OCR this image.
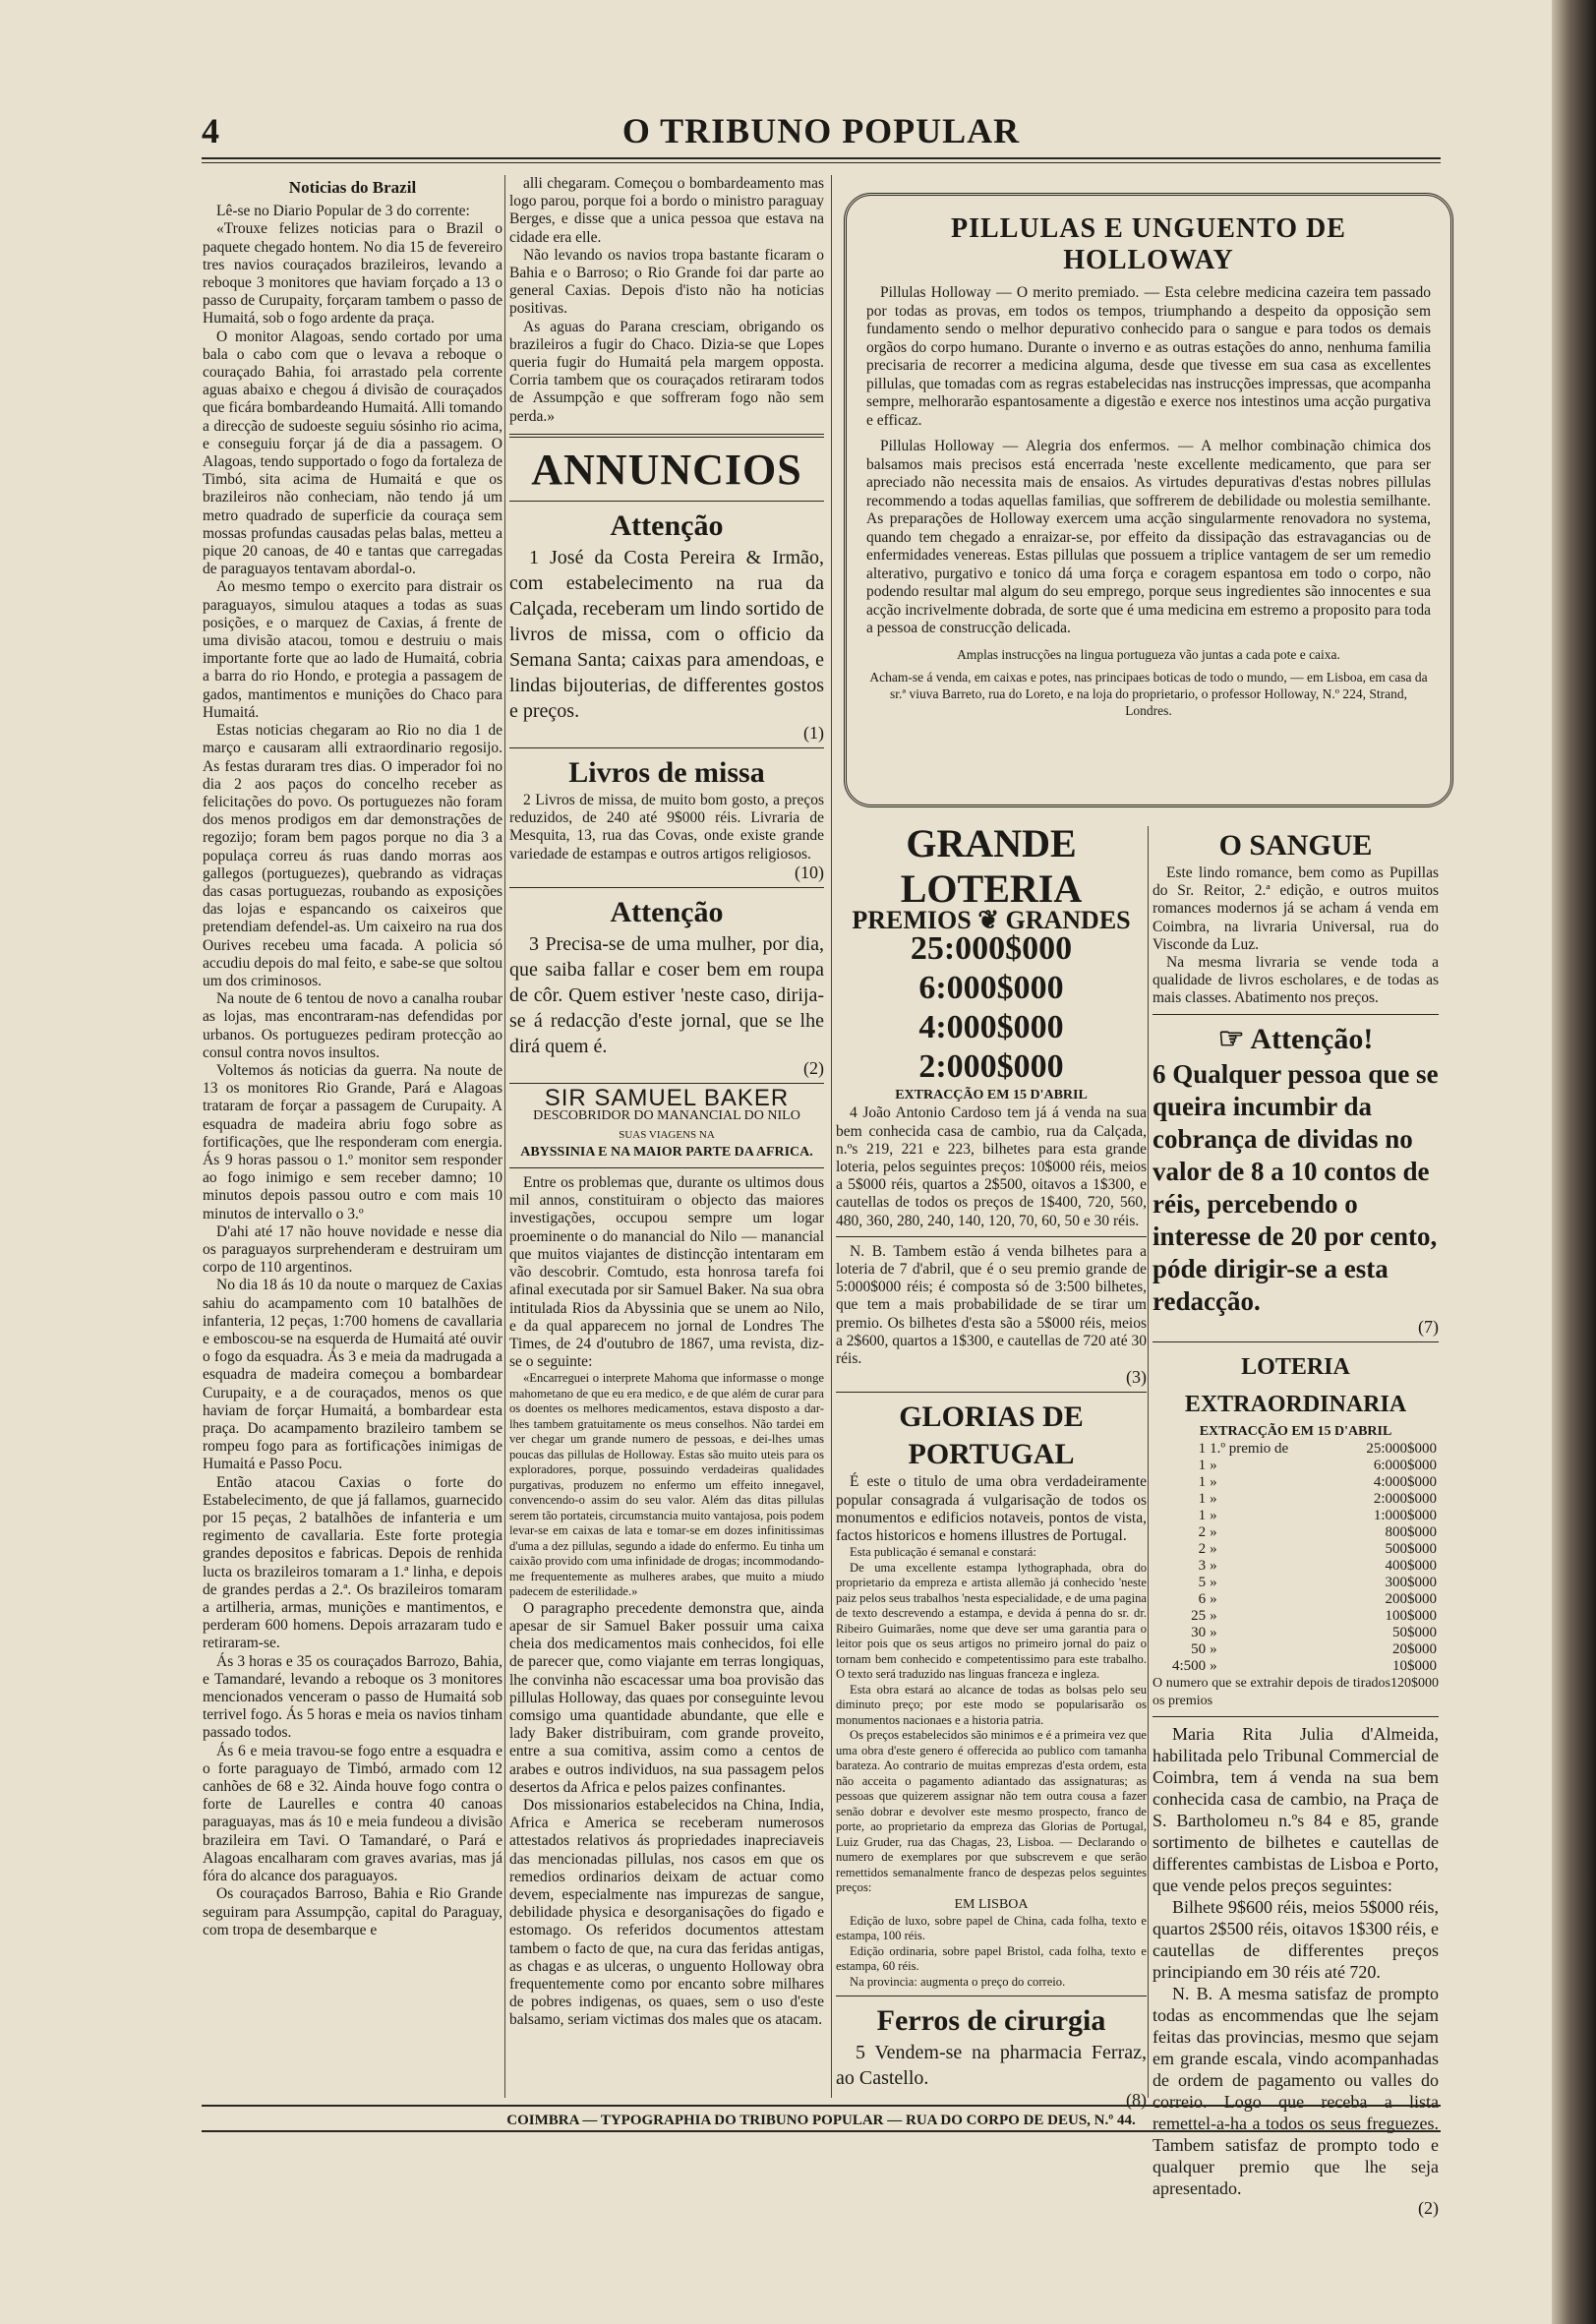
4	O TRIBUNO POPULAR
Noticias do Brazil

Lê-se no Diario Popular de 3 do corrente:

«Trouxe felizes noticias para o Brazil o paquete chegado hontem. No dia 15 de fevereiro tres navios couraçados brazileiros, levando a reboque 3 monitores que haviam forçado a 13 o passo de Curupaity, forçaram tambem o passo de Humaitá, sob o fogo ardente da praça.

O monitor Alagoas, sendo cortado por uma bala o cabo com que o levava a reboque o couraçado Bahia, foi arrastado pela corrente aguas abaixo e chegou á divisão de couraçados que ficára bombardeando Humaitá. Alli tomando a direcção de sudoeste seguiu sósinho rio acima, e conseguiu forçar já de dia a passagem. O Alagoas, tendo supportado o fogo da fortaleza de Timbó, sita acima de Humaitá e que os brazileiros não conheciam, não tendo já um metro quadrado de superficie da couraça sem mossas profundas causadas pelas balas, metteu a pique 20 canoas, de 40 e tantas que carregadas de paraguayos tentavam abordal-o.

Ao mesmo tempo o exercito para distrair os paraguayos, simulou ataques a todas as suas posições, e o marquez de Caxias, á frente de uma divisão atacou, tomou e destruiu o mais importante forte que ao lado de Humaitá, cobria a barra do rio Hondo, e protegia a passagem de gados, mantimentos e munições do Chaco para Humaitá.

Estas noticias chegaram ao Rio no dia 1 de março e causaram alli extraordinario regosijo. As festas duraram tres dias. O imperador foi no dia 2 aos paços do concelho receber as felicitações do povo. Os portuguezes não foram dos menos prodigos em dar demonstrações de regozijo; foram bem pagos porque no dia 3 a populaça correu ás ruas dando morras aos gallegos (portuguezes), quebrando as vidraças das casas portuguezas, roubando as exposições das lojas e espancando os caixeiros que pretendiam defendel-as. Um caixeiro na rua dos Ourives recebeu uma facada. A policia só accudiu depois do mal feito, e sabe-se que soltou um dos criminosos.

Na noute de 6 tentou de novo a canalha roubar as lojas, mas encontraram-nas defendidas por urbanos. Os portuguezes pediram protecção ao consul contra novos insultos.

Voltemos ás noticias da guerra. Na noute de 13 os monitores Rio Grande, Pará e Alagoas trataram de forçar a passagem de Curupaity. A esquadra de madeira abriu fogo sobre as fortificações, que lhe responderam com energia. Ás 9 horas passou o 1.º monitor sem responder ao fogo inimigo e sem receber damno; 10 minutos depois passou outro e com mais 10 minutos de intervallo o 3.º

D'ahi até 17 não houve novidade e nesse dia os paraguayos surprehenderam e destruiram um corpo de 110 argentinos.

No dia 18 ás 10 da noute o marquez de Caxias sahiu do acampamento com 10 batalhões de infanteria, 12 peças, 1:700 homens de cavallaria e emboscou-se na esquerda de Humaitá até ouvir o fogo da esquadra. Ás 3 e meia da madrugada a esquadra de madeira começou a bombardear Curupaity, e a de couraçados, menos os que haviam de forçar Humaitá, a bombardear esta praça. Do acampamento brazileiro tambem se rompeu fogo para as fortificações inimigas de Humaitá e Passo Pocu.

Então atacou Caxias o forte do Estabelecimento, de que já fallamos, guarnecido por 15 peças, 2 batalhões de infanteria e um regimento de cavallaria. Este forte protegia grandes depositos e fabricas. Depois de renhida lucta os brazileiros tomaram a 1.ª linha, e depois de grandes perdas a 2.ª. Os brazileiros tomaram a artilheria, armas, munições e mantimentos, e perderam 600 homens. Depois arrazaram tudo e retiraram-se.

Ás 3 horas e 35 os couraçados Barrozo, Bahia, e Tamandaré, levando a reboque os 3 monitores mencionados venceram o passo de Humaitá sob terrivel fogo. Ás 5 horas e meia os navios tinham passado todos.

Ás 6 e meia travou-se fogo entre a esquadra e o forte paraguayo de Timbó, armado com 12 canhões de 68 e 32. Ainda houve fogo contra o forte de Laurelles e contra 40 canoas paraguayas, mas ás 10 e meia fundeou a divisão brazileira em Tavi. O Tamandaré, o Pará e Alagoas encalharam com graves avarias, mas já fóra do alcance dos paraguayos.

Os couraçados Barroso, Bahia e Rio Grande seguiram para Assumpção, capital do Paraguay, com tropa de desembarque e

alli chegaram. Começou o bombardeamento mas logo parou, porque foi a bordo o ministro paraguay Berges, e disse que a unica pessoa que estava na cidade era elle.

Não levando os navios tropa bastante ficaram o Bahia e o Barroso; o Rio Grande foi dar parte ao general Caxias. Depois d'isto não ha noticias positivas.

As aguas do Parana cresciam, obrigando os brazileiros a fugir do Chaco. Dizia-se que Lopes queria fugir do Humaitá pela margem opposta. Corria tambem que os couraçados retiraram todos de Assumpção e que soffreram fogo não sem perda.»

ANNUNCIOS
Attenção

1 José da Costa Pereira & Irmão, com estabelecimento na rua da Calçada, receberam um lindo sortido de livros de missa, com o officio da Semana Santa; caixas para amendoas, e lindas bijouterias, de differentes gostos e preços.

(1)
Livros de missa

2 Livros de missa, de muito bom gosto, a preços reduzidos, de 240 até 9$000 réis. Livraria de Mesquita, 13, rua das Covas, onde existe grande variedade de estampas e outros artigos religiosos.

(10)
Attenção

3 Precisa-se de uma mulher, por dia, que saiba fallar e coser bem em roupa de côr. Quem estiver 'neste caso, dirija-se á redacção d'este jornal, que se lhe dirá quem é.

(2)
SIR SAMUEL BAKER
DESCOBRIDOR DO MANANCIAL DO NILO
SUAS VIAGENS NA
ABYSSINIA E NA MAIOR PARTE DA AFRICA.

Entre os problemas que, durante os ultimos dous mil annos, constituiram o objecto das maiores investigações, occupou sempre um logar proeminente o do manancial do Nilo — manancial que muitos viajantes de distincção intentaram em vão descobrir. Comtudo, esta honrosa tarefa foi afinal executada por sir Samuel Baker. Na sua obra intitulada Rios da Abyssinia que se unem ao Nilo, e da qual apparecem no jornal de Londres The Times, de 24 d'outubro de 1867, uma revista, diz-se o seguinte:

«Encarreguei o interprete Mahoma que informasse o monge mahometano de que eu era medico, e de que além de curar para os doentes os melhores medicamentos, estava disposto a dar-lhes tambem gratuitamente os meus conselhos. Não tardei em ver chegar um grande numero de pessoas, e dei-lhes umas poucas das pillulas de Holloway. Estas são muito uteis para os exploradores, porque, possuindo verdadeiras qualidades purgativas, produzem no enfermo um effeito innegavel, convencendo-o assim do seu valor. Além das ditas pillulas serem tão portateis, circumstancia muito vantajosa, pois podem levar-se em caixas de lata e tomar-se em dozes infinitissimas d'uma a dez pillulas, segundo a idade do enfermo. Eu tinha um caixão provido com uma infinidade de drogas; incommodando-me frequentemente as mulheres arabes, que muito a miudo padecem de esterilidade.»

O paragrapho precedente demonstra que, ainda apesar de sir Samuel Baker possuir uma caixa cheia dos medicamentos mais conhecidos, foi elle de parecer que, como viajante em terras longiquas, lhe convinha não escacessar uma boa provisão das pillulas Holloway, das quaes por conseguinte levou comsigo uma quantidade abundante, que elle e lady Baker distribuiram, com grande proveito, entre a sua comitiva, assim como a centos de arabes e outros individuos, na sua passagem pelos desertos da Africa e pelos paizes confinantes.

Dos missionarios estabelecidos na China, India, Africa e America se receberam numerosos attestados relativos ás propriedades inapreciaveis das mencionadas pillulas, nos casos em que os remedios ordinarios deixam de actuar como devem, especialmente nas impurezas de sangue, debilidade physica e desorganisações do figado e estomago. Os referidos documentos attestam tambem o facto de que, na cura das feridas antigas, as chagas e as ulceras, o unguento Holloway obra frequentemente como por encanto sobre milhares de pobres indigenas, os quaes, sem o uso d'este balsamo, seriam victimas dos males que os atacam.

PILLULAS E UNGUENTO DE HOLLOWAY

Pillulas Holloway — O merito premiado. — Esta celebre medicina cazeira tem passado por todas as provas, em todos os tempos, triumphando a despeito da opposição sem fundamento sendo o melhor depurativo conhecido para o sangue e para todos os demais orgãos do corpo humano. Durante o inverno e as outras estações do anno, nenhuma familia precisaria de recorrer a medicina alguma, desde que tivesse em sua casa as excellentes pillulas, que tomadas com as regras estabelecidas nas instrucções impressas, que acompanha sempre, melhorarão espantosamente a digestão e exerce nos intestinos uma acção purgativa e efficaz.

Pillulas Holloway — Alegria dos enfermos. — A melhor combinação chimica dos balsamos mais precisos está encerrada 'neste excellente medicamento, que para ser apreciado não necessita mais de ensaios. As virtudes depurativas d'estas nobres pillulas recommendo a todas aquellas familias, que soffrerem de debilidade ou molestia semilhante. As preparações de Holloway exercem uma acção singularmente renovadora no systema, quando tem chegado a enraizar-se, por effeito da dissipação das estravagancias ou de enfermidades venereas. Estas pillulas que possuem a triplice vantagem de ser um remedio alterativo, purgativo e tonico dá uma força e coragem espantosa em todo o corpo, não podendo resultar mal algum do seu emprego, porque seus ingredientes são innocentes e sua acção incrivelmente dobrada, de sorte que é uma medicina em estremo a proposito para toda a pessoa de construcção delicada.

Amplas instrucções na lingua portugueza vão juntas a cada pote e caixa.
Acham-se á venda, em caixas e potes, nas principaes boticas de todo o mundo, — em Lisboa, em casa da sr.ª viuva Barreto, rua do Loreto, e na loja do proprietario, o professor Holloway, N.º 224, Strand, Londres.
GRANDE LOTERIA
PREMIOS ❦ GRANDES
25:000$000
6:000$000
4:000$000
2:000$000
EXTRACÇÃO EM 15 D'ABRIL

4 João Antonio Cardoso tem já á venda na sua bem conhecida casa de cambio, rua da Calçada, n.ºs 219, 221 e 223, bilhetes para esta grande loteria, pelos seguintes preços: 10$000 réis, meios a 5$000 réis, quartos a 2$500, oitavos a 1$300, e cautellas de todos os preços de 1$400, 720, 560, 480, 360, 280, 240, 140, 120, 70, 60, 50 e 30 réis.

N. B. Tambem estão á venda bilhetes para a loteria de 7 d'abril, que é o seu premio grande de 5:000$000 réis; é composta só de 3:500 bilhetes, que tem a mais probabilidade de se tirar um premio. Os bilhetes d'esta são a 5$000 réis, meios a 2$600, quartos a 1$300, e cautellas de 720 até 30 réis.

(3)
GLORIAS DE PORTUGAL

É este o titulo de uma obra verdadeiramente popular consagrada á vulgarisação de todos os monumentos e edificios notaveis, pontos de vista, factos historicos e homens illustres de Portugal.

Esta publicação é semanal e constará:

De uma excellente estampa lythographada, obra do proprietario da empreza e artista allemão já conhecido 'neste paiz pelos seus trabalhos 'nesta especialidade, e de uma pagina de texto descrevendo a estampa, e devida á penna do sr. dr. Ribeiro Guimarães, nome que deve ser uma garantia para o leitor pois que os seus artigos no primeiro jornal do paiz o tornam bem conhecido e competentissimo para este trabalho. O texto será traduzido nas linguas franceza e ingleza.

Esta obra estará ao alcance de todas as bolsas pelo seu diminuto preço; por este modo se popularisarão os monumentos nacionaes e a historia patria.

Os preços estabelecidos são minimos e é a primeira vez que uma obra d'este genero é offerecida ao publico com tamanha barateza. Ao contrario de muitas emprezas d'esta ordem, esta não acceita o pagamento adiantado das assignaturas; as pessoas que quizerem assignar não tem outra cousa a fazer senão dobrar e devolver este mesmo prospecto, franco de porte, ao proprietario da empreza das Glorias de Portugal, Luiz Gruder, rua das Chagas, 23, Lisboa. — Declarando o numero de exemplares por que subscrevem e que serão remettidos semanalmente franco de despezas pelos seguintes preços:

EM LISBOA

Edição de luxo, sobre papel de China, cada folha, texto e estampa, 100 réis.

Edição ordinaria, sobre papel Bristol, cada folha, texto e estampa, 60 réis.

Na provincia: augmenta o preço do correio.

Ferros de cirurgia

5 Vendem-se na pharmacia Ferraz, ao Castello.

(8)
O SANGUE

Este lindo romance, bem como as Pupillas do Sr. Reitor, 2.ª edição, e outros muitos romances modernos já se acham á venda em Coimbra, na livraria Universal, rua do Visconde da Luz.

Na mesma livraria se vende toda a qualidade de livros escholares, e de todas as mais classes. Abatimento nos preços.

☞ Attenção!
6 Qualquer pessoa que se queira incumbir da cobrança de dividas no valor de 8 a 10 contos de réis, percebendo o interesse de 20 por cento, póde dirigir-se a esta redacção.
(7)
LOTERIA EXTRAORDINARIA
EXTRACÇÃO EM 15 D'ABRIL
1	1.º premio de	25:000$000
1	»	6:000$000
1	»	4:000$000
1	»	2:000$000
1	»	1:000$000
2	»	800$000
2	»	500$000
3	»	400$000
5	»	300$000
6	»	200$000
25	»	100$000
30	»	50$000
50	»	20$000
4:500	»	10$000
O numero que se extrahir depois de tirados os premios
120$000

Maria Rita Julia d'Almeida, habilitada pelo Tribunal Commercial de Coimbra, tem á venda na sua bem conhecida casa de cambio, na Praça de S. Bartholomeu n.ºs 84 e 85, grande sortimento de bilhetes e cautellas de differentes cambistas de Lisboa e Porto, que vende pelos preços seguintes:

Bilhete 9$600 réis, meios 5$000 réis, quartos 2$500 réis, oitavos 1$300 réis, e cautellas de differentes preços principiando em 30 réis até 720.

N. B. A mesma satisfaz de prompto todas as encommendas que lhe sejam feitas das provincias, mesmo que sejam em grande escala, vindo acompanhadas de ordem de pagamento ou valles do correio. Logo que receba a lista remettel-a-ha a todos os seus freguezes. Tambem satisfaz de prompto todo e qualquer premio que lhe seja apresentado.

(2)
COIMBRA — TYPOGRAPHIA DO TRIBUNO POPULAR — RUA DO CORPO DE DEUS, N.º 44.
